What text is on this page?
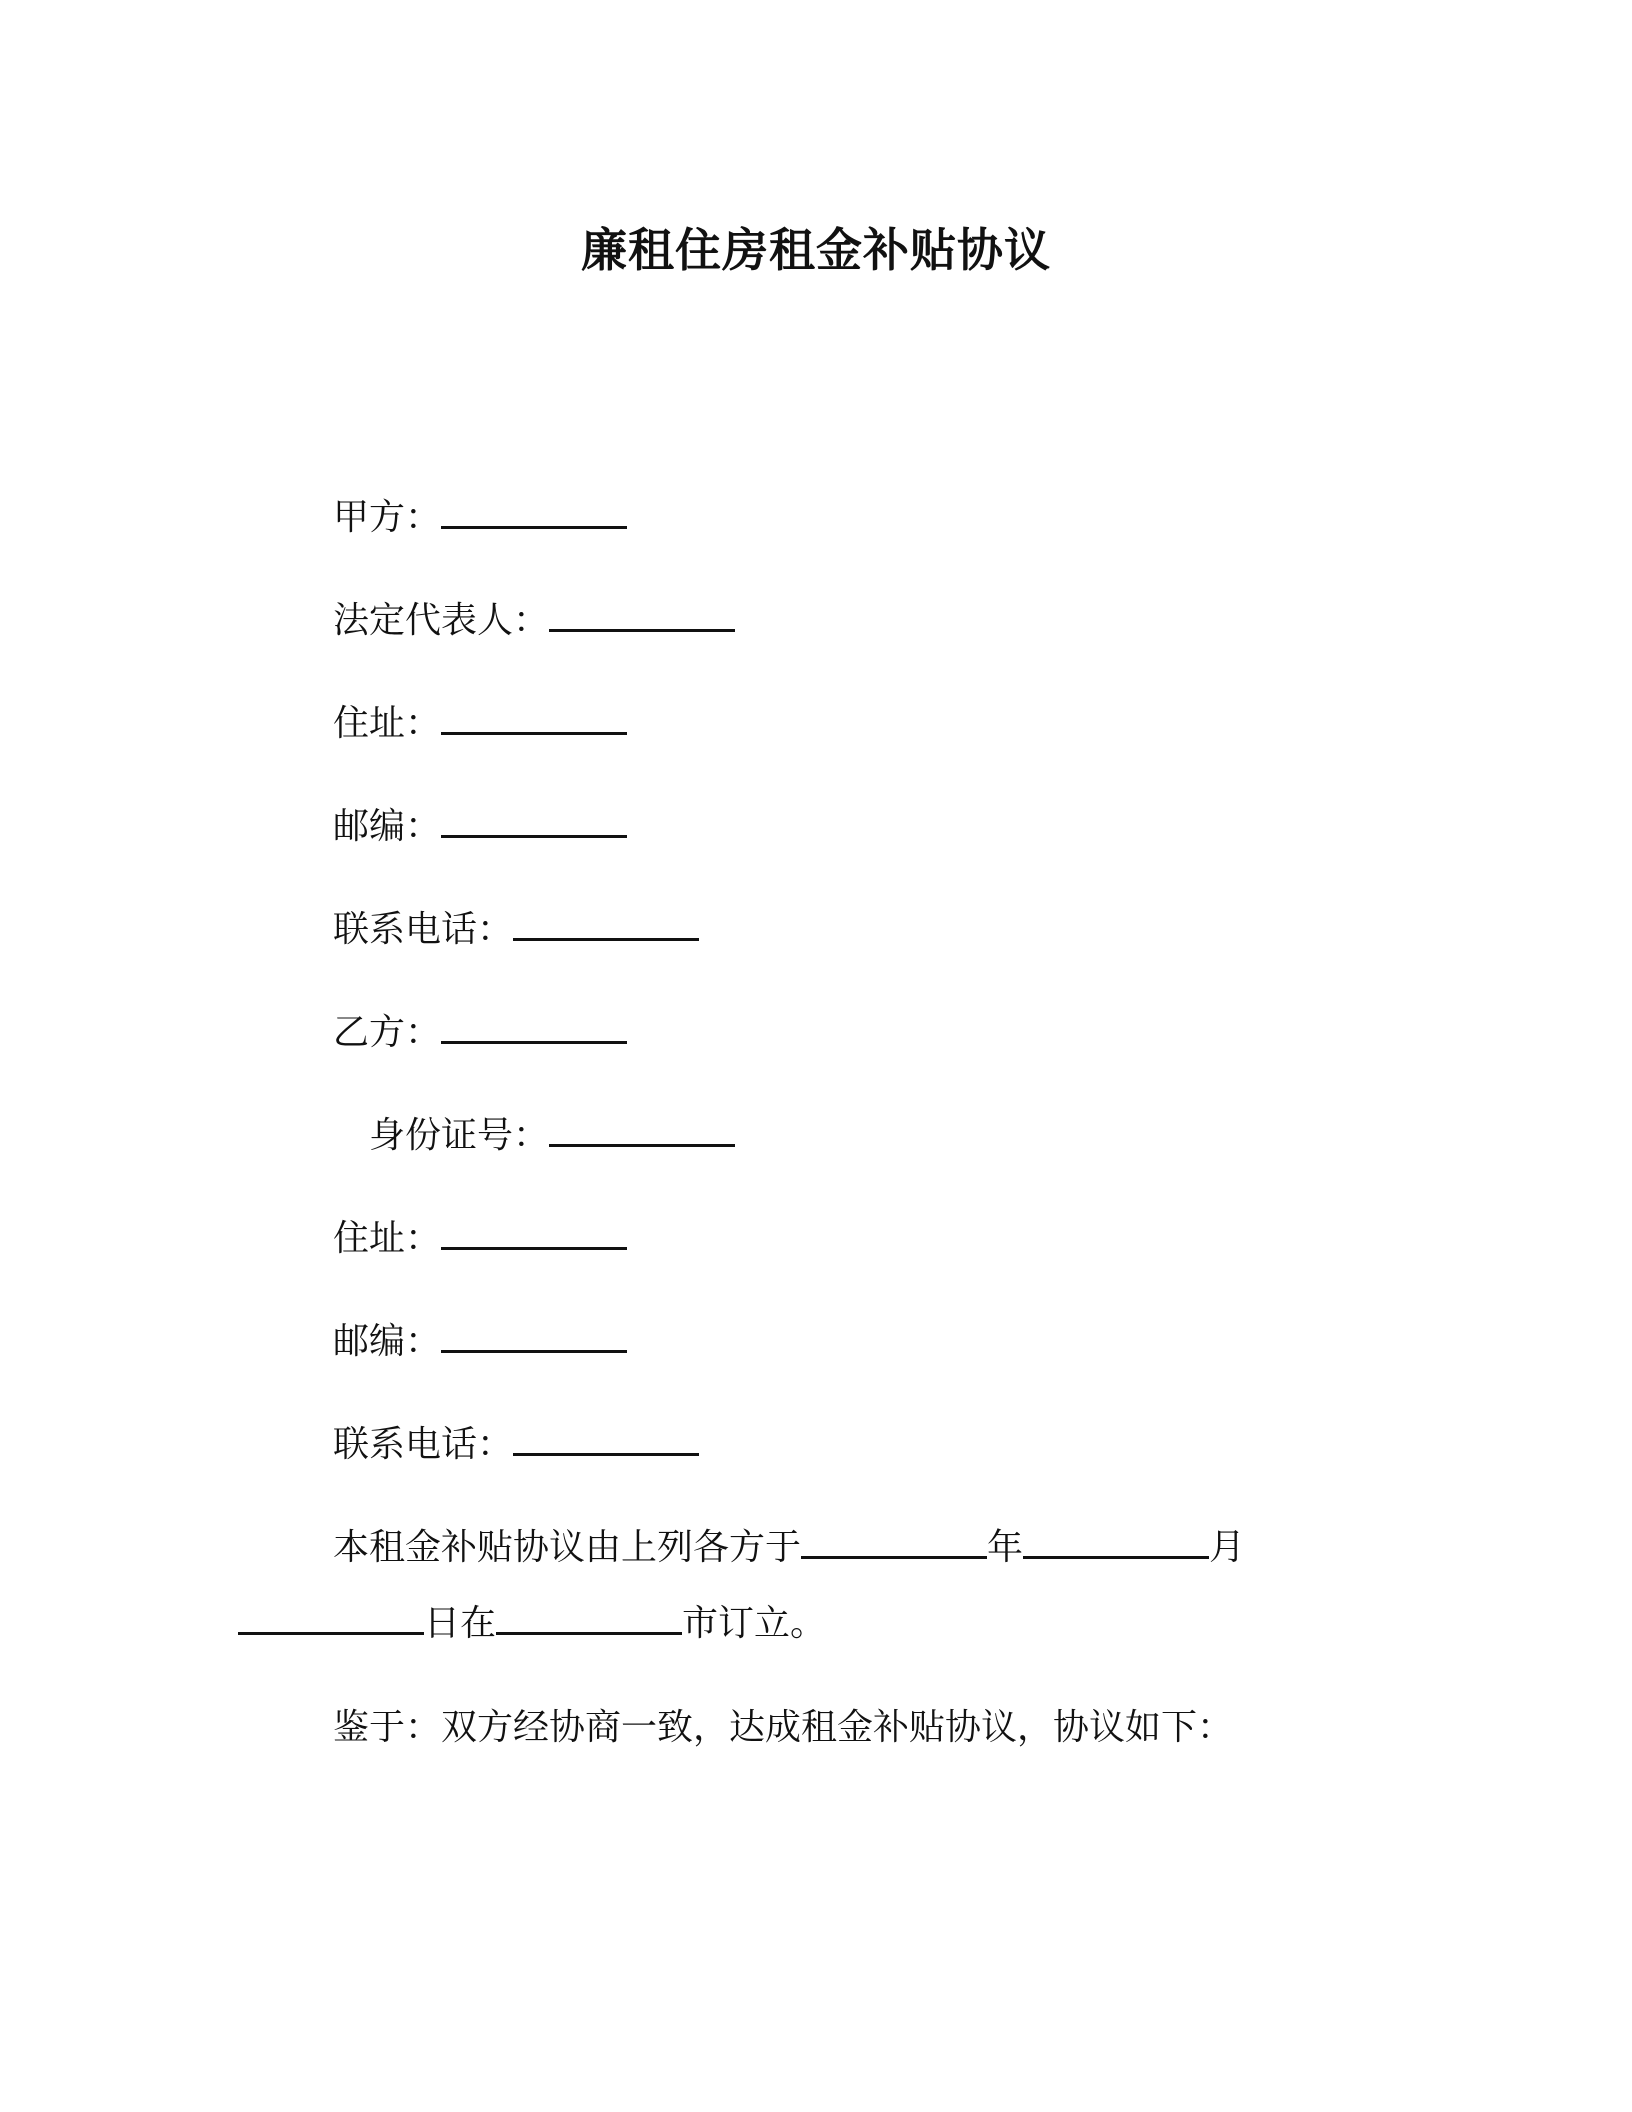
廉租住房租金补贴协议
甲方：
法定代表人：
住址：
邮编：
联系电话：
乙方：
身份证号：
住址：
邮编：
联系电话：
本租金补贴协议由上列各方于	年	月
日在	市订立。
鉴于：双方经协商一致，达成租金补贴协议，协议如下：
